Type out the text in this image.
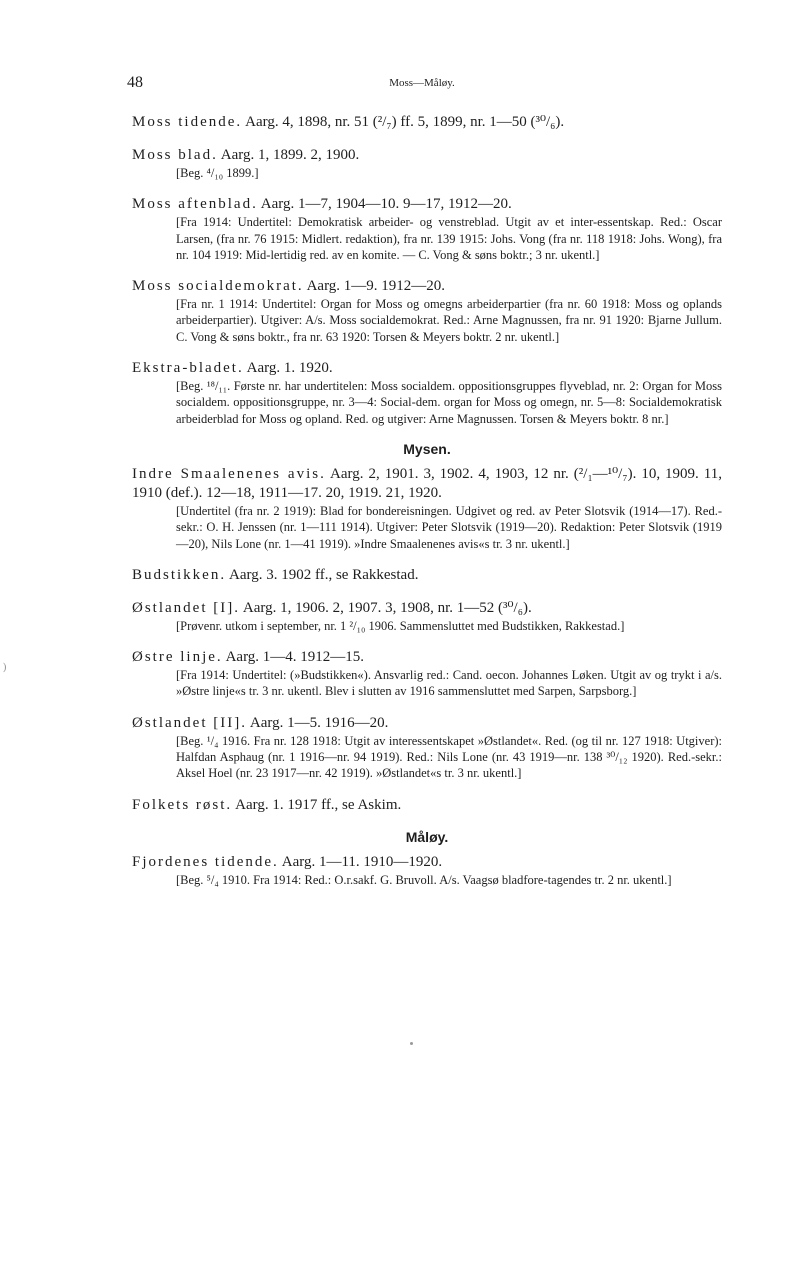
48	Moss—Måløy.
)

Moss tidende. Aarg. 4, 1898, nr. 51 (²/₇) ff. 5, 1899, nr. 1—50 (³⁰/₆).

Moss blad. Aarg. 1, 1899. 2, 1900.

[Beg. ⁴/₁₀ 1899.]

Moss aftenblad. Aarg. 1—7, 1904—10. 9—17, 1912—20.

[Fra 1914: Undertitel: Demokratisk arbeider- og venstreblad. Utgit av et inter-essentskap. Red.: Oscar Larsen, (fra nr. 76 1915: Midlert. redaktion), fra nr. 139 1915: Johs. Vong (fra nr. 118 1918: Johs. Wong), fra nr. 104 1919: Mid-lertidig red. av en komite. — C. Vong & søns boktr.; 3 nr. ukentl.]

Moss socialdemokrat. Aarg. 1—9. 1912—20.

[Fra nr. 1 1914: Undertitel: Organ for Moss og omegns arbeiderpartier (fra nr. 60 1918: Moss og oplands arbeiderpartier). Utgiver: A/s. Moss socialdemokrat. Red.: Arne Magnussen, fra nr. 91 1920: Bjarne Jullum. C. Vong & søns boktr., fra nr. 63 1920: Torsen & Meyers boktr. 2 nr. ukentl.]

Ekstra-bladet. Aarg. 1. 1920.

[Beg. ¹⁸/₁₁. Første nr. har undertitelen: Moss socialdem. oppositionsgruppes flyveblad, nr. 2: Organ for Moss socialdem. oppositionsgruppe, nr. 3—4: Social-dem. organ for Moss og omegn, nr. 5—8: Socialdemokratisk arbeiderblad for Moss og opland. Red. og utgiver: Arne Magnussen. Torsen & Meyers boktr. 8 nr.]

Mysen.

Indre Smaalenenes avis. Aarg. 2, 1901. 3, 1902. 4, 1903, 12 nr. (²/₁—¹⁰/₇). 10, 1909. 11, 1910 (def.). 12—18, 1911—17. 20, 1919. 21, 1920.

[Undertitel (fra nr. 2 1919): Blad for bondereisningen. Udgivet og red. av Peter Slotsvik (1914—17). Red.-sekr.: O. H. Jenssen (nr. 1—111 1914). Utgiver: Peter Slotsvik (1919—20). Redaktion: Peter Slotsvik (1919—20), Nils Lone (nr. 1—41 1919). »Indre Smaalenenes avis«s tr. 3 nr. ukentl.]

Budstikken. Aarg. 3. 1902 ff., se Rakkestad.

Østlandet [I]. Aarg. 1, 1906. 2, 1907. 3, 1908, nr. 1—52 (³⁰/₆).

[Prøvenr. utkom i september, nr. 1 ²/₁₀ 1906. Sammensluttet med Budstikken, Rakkestad.]

Østre linje. Aarg. 1—4. 1912—15.

[Fra 1914: Undertitel: (»Budstikken«). Ansvarlig red.: Cand. oecon. Johannes Løken. Utgit av og trykt i a/s. »Østre linje«s tr. 3 nr. ukentl. Blev i slutten av 1916 sammensluttet med Sarpen, Sarpsborg.]

Østlandet [II]. Aarg. 1—5. 1916—20.

[Beg. ¹/₄ 1916. Fra nr. 128 1918: Utgit av interessentskapet »Østlandet«. Red. (og til nr. 127 1918: Utgiver): Halfdan Asphaug (nr. 1 1916—nr. 94 1919). Red.: Nils Lone (nr. 43 1919—nr. 138 ³⁰/₁₂ 1920). Red.-sekr.: Aksel Hoel (nr. 23 1917—nr. 42 1919). »Østlandet«s tr. 3 nr. ukentl.]

Folkets røst. Aarg. 1. 1917 ff., se Askim.

Måløy.

Fjordenes tidende. Aarg. 1—11. 1910—1920.

[Beg. ⁵/₄ 1910. Fra 1914: Red.: O.r.sakf. G. Bruvoll. A/s. Vaagsø bladfore-tagendes tr. 2 nr. ukentl.]
